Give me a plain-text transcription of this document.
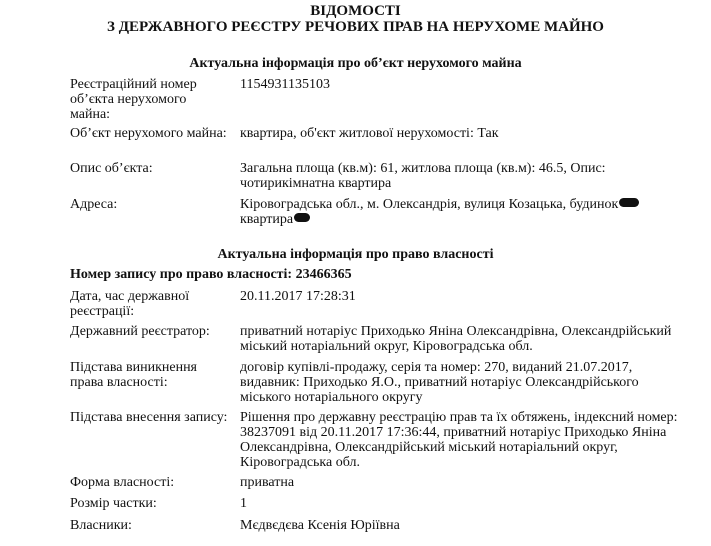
ВІДОМОСТІ
З ДЕРЖАВНОГО РЕЄСТРУ РЕЧОВИХ ПРАВ НА НЕРУХОМЕ МАЙНО
Актуальна інформація про об’єкт нерухомого майна
Реєстраційний номер об’єкта нерухомого майна:
1154931135103
Об’єкт нерухомого майна: квартира, об'єкт житлової нерухомості: Так
Опис об’єкта:	Загальна площа (кв.м): 61, житлова площа (кв.м): 46.5, Опис: чотирикімнатна квартира
Адреса:	Кіровоградська обл., м. Олександрія, вулиця Козацька, будинок
квартира
Актуальна інформація про право власності
Номер запису про право власності: 23466365
Дата, час державної реєстрації:
20.11.2017 17:28:31
Державний реєстратор:	приватний нотаріус Приходько Яніна Олександрівна, Олександрійський міський нотаріальний округ, Кіровоградська обл.
Підстава виникнення права власності:
договір купівлі-продажу, серія та номер: 270, виданий 21.07.2017, видавник: Приходько Я.О., приватний нотаріус Олександрійського міського нотаріального округу
Підстава внесення запису: Рішення про державну реєстрацію прав та їх обтяжень, індексний номер: 38237091 від 20.11.2017 17:36:44, приватний нотаріус Приходько Яніна Олександрівна, Олександрійський міський нотаріальний округ, Кіровоградська обл.
Форма власності:	приватна
Розмір частки:	1
Власники:	Мєдвєдєва Ксенія Юріївна
